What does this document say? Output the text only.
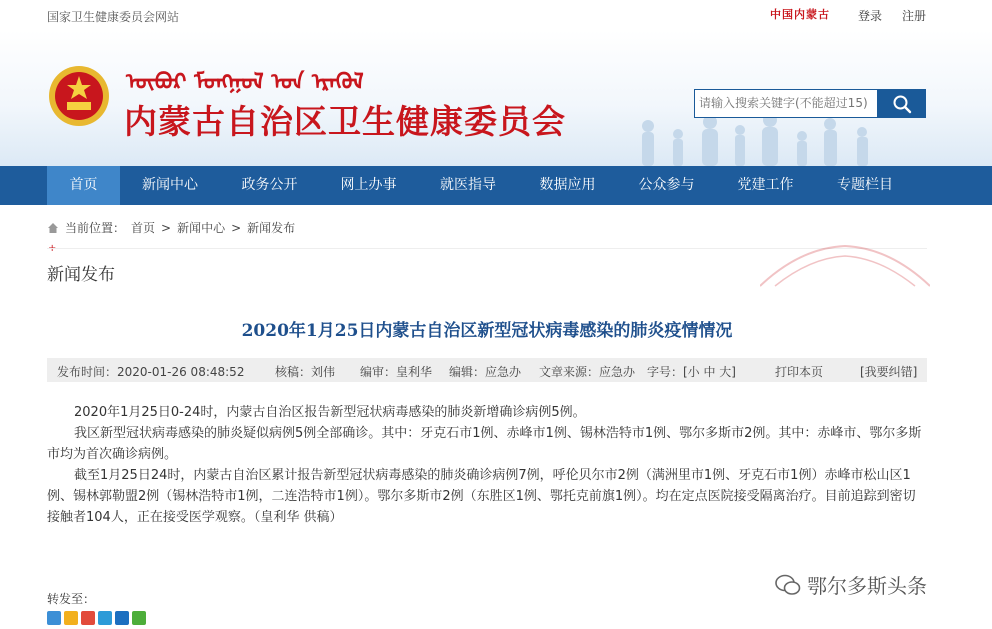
国家卫生健康委员会网站	中国内蒙古 登录 注册
ᠥᠪᠥᠷ ᠮᠣᠩᠭᠣᠯ ᠤᠨ ᠡᠷᠡᠭᠦᠯ
内蒙古自治区卫生健康委员会
请输入搜索关键字(不能超过15)
首页	新闻中心	政务公开	网上办事	就医指导	数据应用	公众参与	党建工作	专题栏目
当前位置： 首页 > 新闻中心 > 新闻发布
新闻发布
2020年1月25日内蒙古自治区新型冠状病毒感染的肺炎疫情情况
发布时间：2020-01-26 08:48:52	核稿：刘伟 编审：皇利华 编辑：应急办 文章来源：应急办 字号： [小 中 大]	打印本页	[我要纠错]

2020年1月25日0-24时，内蒙古自治区报告新型冠状病毒感染的肺炎新增确诊病例5例。

我区新型冠状病毒感染的肺炎疑似病例5例全部确诊。其中：牙克石市1例、赤峰市1例、锡林浩特市1例、鄂尔多斯市2例。其中：赤峰市、鄂尔多斯市均为首次确诊病例。

截至1月25日24时，内蒙古自治区累计报告新型冠状病毒感染的肺炎确诊病例7例，呼伦贝尔市2例（满洲里市1例、牙克石市1例）赤峰市松山区1例、锡林郭勒盟2例（锡林浩特市1例，二连浩特市1例）。鄂尔多斯市2例（东胜区1例、鄂托克前旗1例）。均在定点医院接受隔离治疗。目前追踪到密切接触者104人，正在接受医学观察。（皇利华 供稿）

转发至：
鄂尔多斯头条
